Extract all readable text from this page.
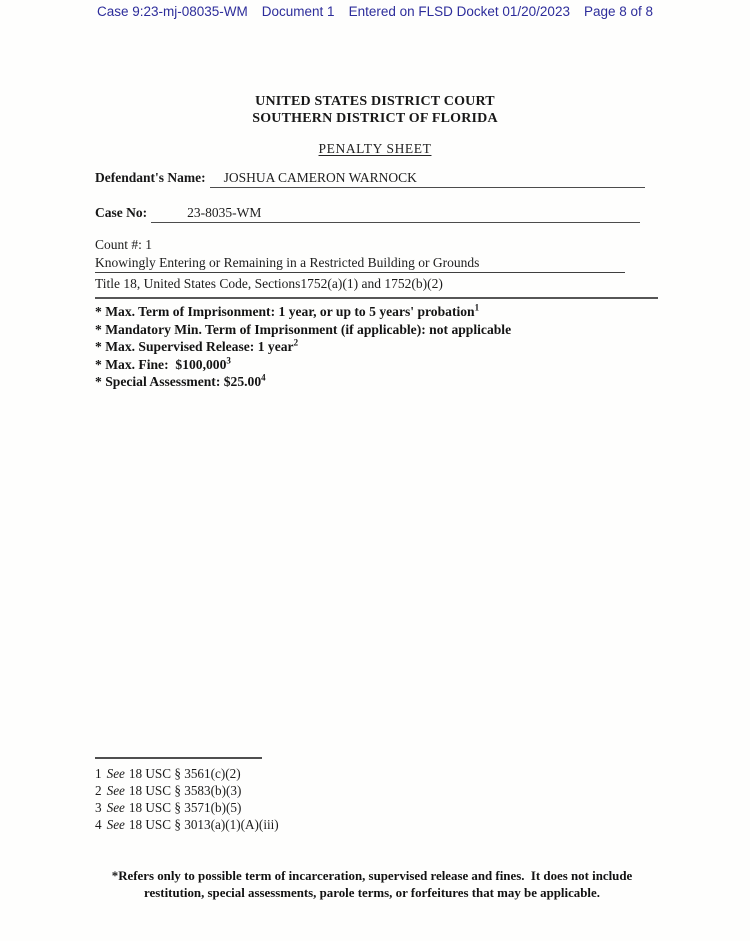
Case 9:23-mj-08035-WM Document 1 Entered on FLSD Docket 01/20/2023 Page 8 of 8
UNITED STATES DISTRICT COURT
SOUTHERN DISTRICT OF FLORIDA
PENALTY SHEET
Defendant's Name:	JOSHUA CAMERON WARNOCK
Case No:	23-8035-WM
Count #: 1
Knowingly Entering or Remaining in a Restricted Building or Grounds
Title 18, United States Code, Sections1752(a)(1) and 1752(b)(2)
* Max. Term of Imprisonment: 1 year, or up to 5 years' probation$^1$
* Mandatory Min. Term of Imprisonment (if applicable): not applicable
* Max. Supervised Release: 1 year$^2$
* Max. Fine:  $100,000$^3$
* Special Assessment: $25.00$^4$
1 See 18 USC § 3561(c)(2)
2 See 18 USC § 3583(b)(3)
3 See 18 USC § 3571(b)(5)
4 See 18 USC § 3013(a)(1)(A)(iii)
*Refers only to possible term of incarceration, supervised release and fines.  It does not include
restitution, special assessments, parole terms, or forfeitures that may be applicable.
